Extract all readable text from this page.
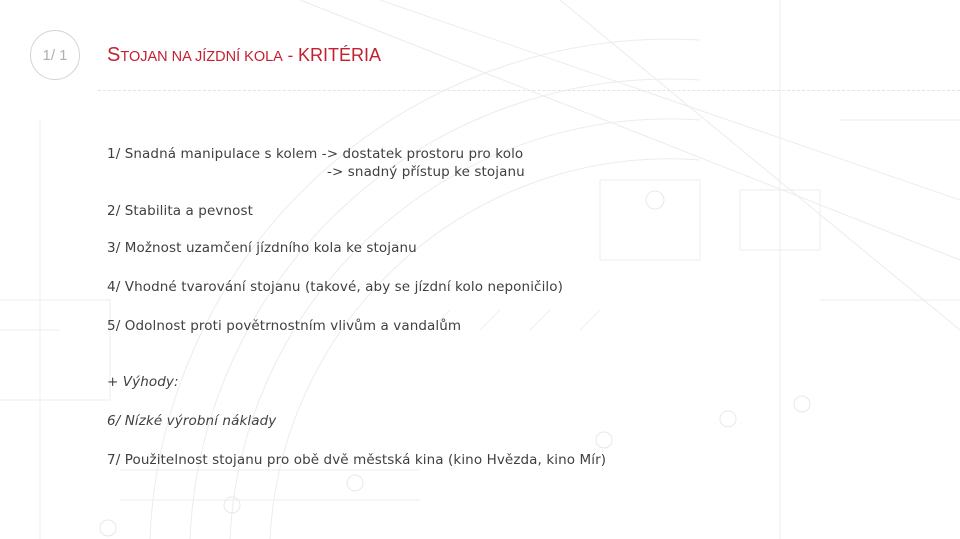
1/ 1 STOJAN NA JÍZDNÍ KOLA - KRITÉRIA
1/ Snadná manipulace s kolem -> dostatek prostoru pro kolo
-> snadný přístup ke stojanu
2/ Stabilita a pevnost
3/ Možnost uzamčení jízdního kola ke stojanu
4/ Vhodné tvarování stojanu (takové, aby se jízdní kolo neponičilo)
5/ Odolnost proti povětrnostním vlivům a vandalům
+ Výhody:
6/ Nízké výrobní náklady
7/ Použitelnost stojanu pro obě dvě městská kina (kino Hvězda, kino Mír)
